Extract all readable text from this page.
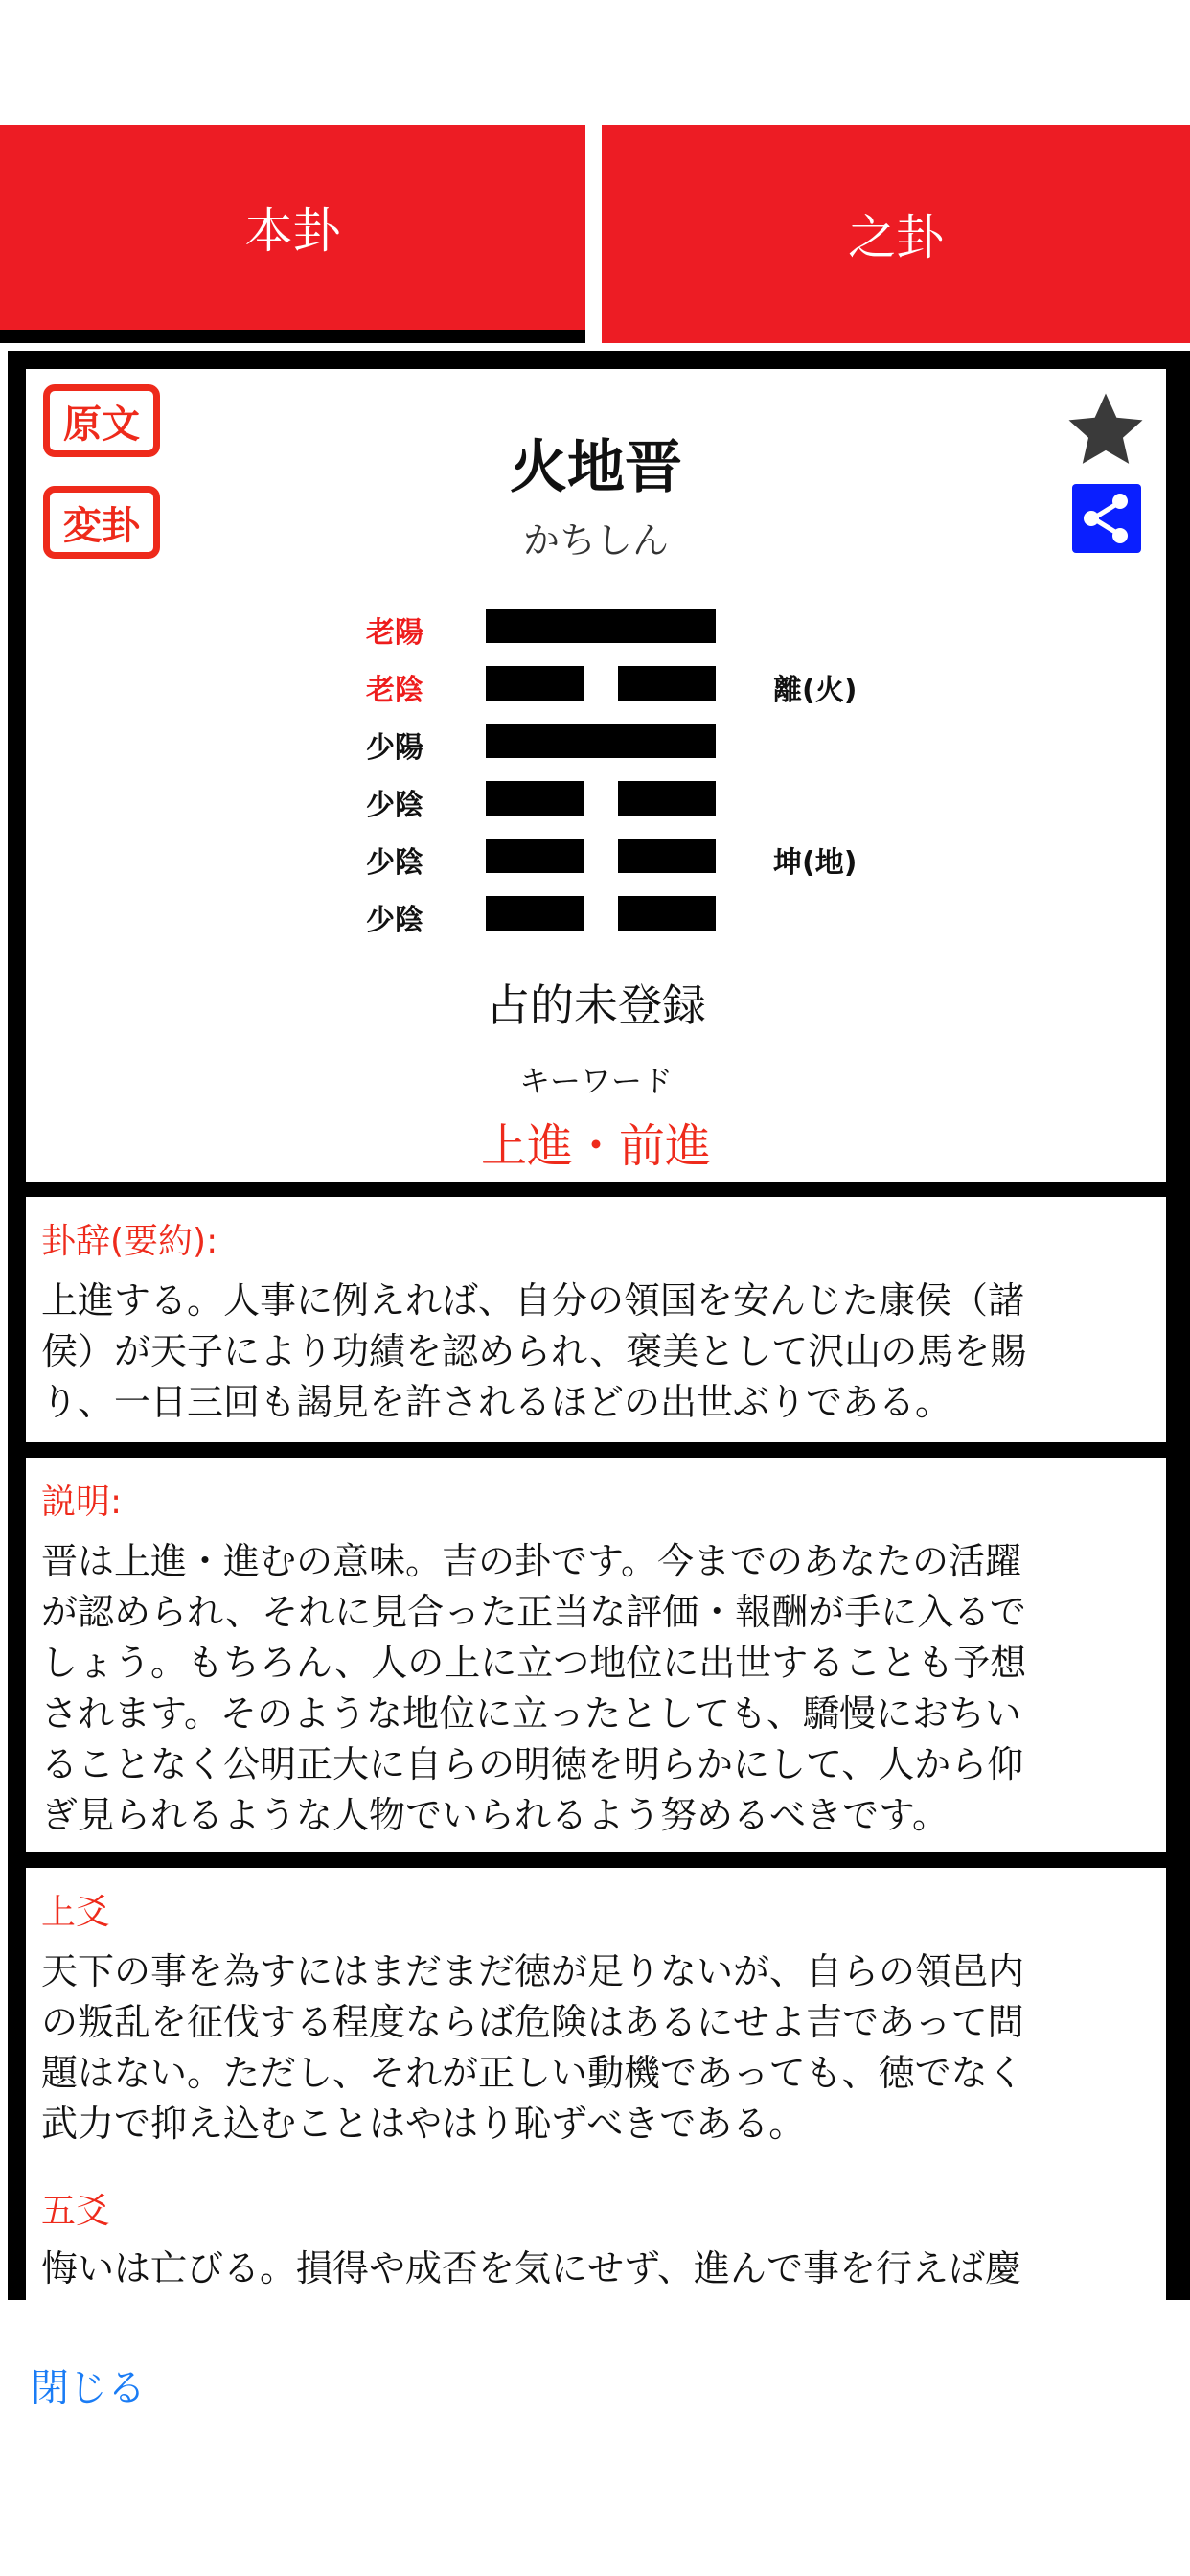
本卦	之卦
原文
変卦
火地晋
かちしん
老陽
老陰
少陽
少陰
少陰
少陰
離(火)
坤(地)
占的未登録
キーワード
上進・前進
卦辞(要約):
上進する。人事に例えれば、自分の領国を安んじた康侯（諸
侯）が天子により功績を認められ、褒美として沢山の馬を賜
り、一日三回も謁見を許されるほどの出世ぶりである。
説明:
晋は上進・進むの意味。吉の卦です。今までのあなたの活躍
が認められ、それに見合った正当な評価・報酬が手に入るで
しょう。もちろん、人の上に立つ地位に出世することも予想
されます。そのような地位に立ったとしても、驕慢におちい
ることなく公明正大に自らの明徳を明らかにして、人から仰
ぎ見られるような人物でいられるよう努めるべきです。
上爻
天下の事を為すにはまだまだ徳が足りないが、自らの領邑内
の叛乱を征伐する程度ならば危険はあるにせよ吉であって問
題はない。ただし、それが正しい動機であっても、徳でなく
武力で抑え込むことはやはり恥ずべきである。
五爻
悔いは亡びる。損得や成否を気にせず、進んで事を行えば慶
閉じる
